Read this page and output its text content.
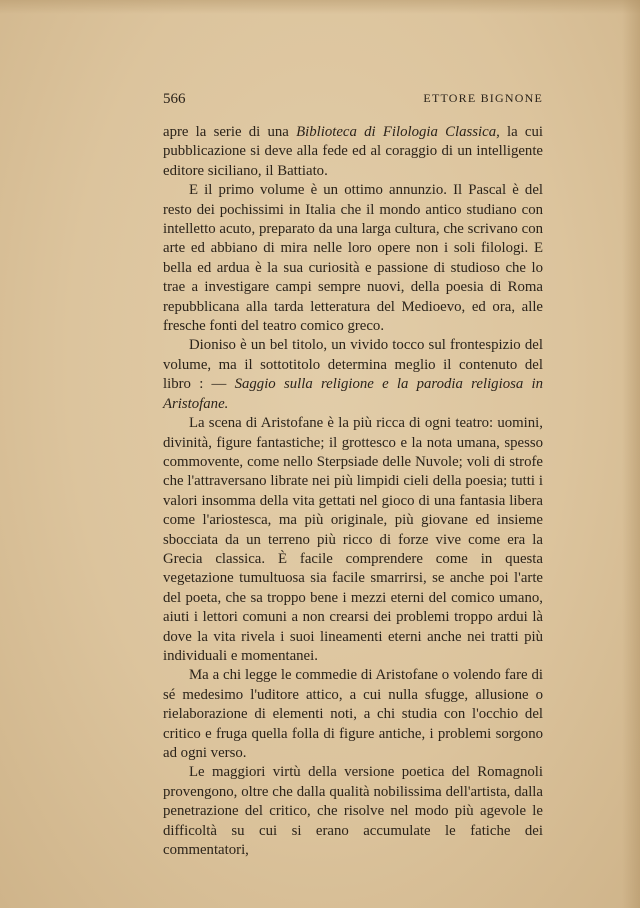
566	ETTORE BIGNONE

apre la serie di una Biblioteca di Filologia Classica, la cui pubblicazione si deve alla fede ed al coraggio di un intelligente editore siciliano, il Battiato.

E il primo volume è un ottimo annunzio. Il Pascal è del resto dei pochissimi in Italia che il mondo antico studiano con intelletto acuto, preparato da una larga cultura, che scrivano con arte ed abbiano di mira nelle loro opere non i soli filologi. E bella ed ardua è la sua curiosità e passione di studioso che lo trae a investigare campi sempre nuovi, della poesia di Roma repubblicana alla tarda letteratura del Medioevo, ed ora, alle fresche fonti del teatro comico greco.

Dioniso è un bel titolo, un vivido tocco sul frontespizio del volume, ma il sottotitolo determina meglio il contenuto del libro : — Saggio sulla religione e la parodia religiosa in Aristofane.

La scena di Aristofane è la più ricca di ogni teatro: uomini, divinità, figure fantastiche; il grottesco e la nota umana, spesso commovente, come nello Sterpsiade delle Nuvole; voli di strofe che l'attraversano librate nei più limpidi cieli della poesia; tutti i valori insomma della vita gettati nel gioco di una fantasia libera come l'ariostesca, ma più originale, più giovane ed insieme sbocciata da un terreno più ricco di forze vive come era la Grecia classica. È facile comprendere come in questa vegetazione tumultuosa sia facile smarrirsi, se anche poi l'arte del poeta, che sa troppo bene i mezzi eterni del comico umano, aiuti i lettori comuni a non crearsi dei problemi troppo ardui là dove la vita rivela i suoi lineamenti eterni anche nei tratti più individuali e momentanei.

Ma a chi legge le commedie di Aristofane o volendo fare di sé medesimo l'uditore attico, a cui nulla sfugge, allusione o rielaborazione di elementi noti, a chi studia con l'occhio del critico e fruga quella folla di figure antiche, i problemi sorgono ad ogni verso.

Le maggiori virtù della versione poetica del Romagnoli provengono, oltre che dalla qualità nobilissima dell'artista, dalla penetrazione del critico, che risolve nel modo più agevole le difficoltà su cui si erano accumulate le fatiche dei commentatori,
